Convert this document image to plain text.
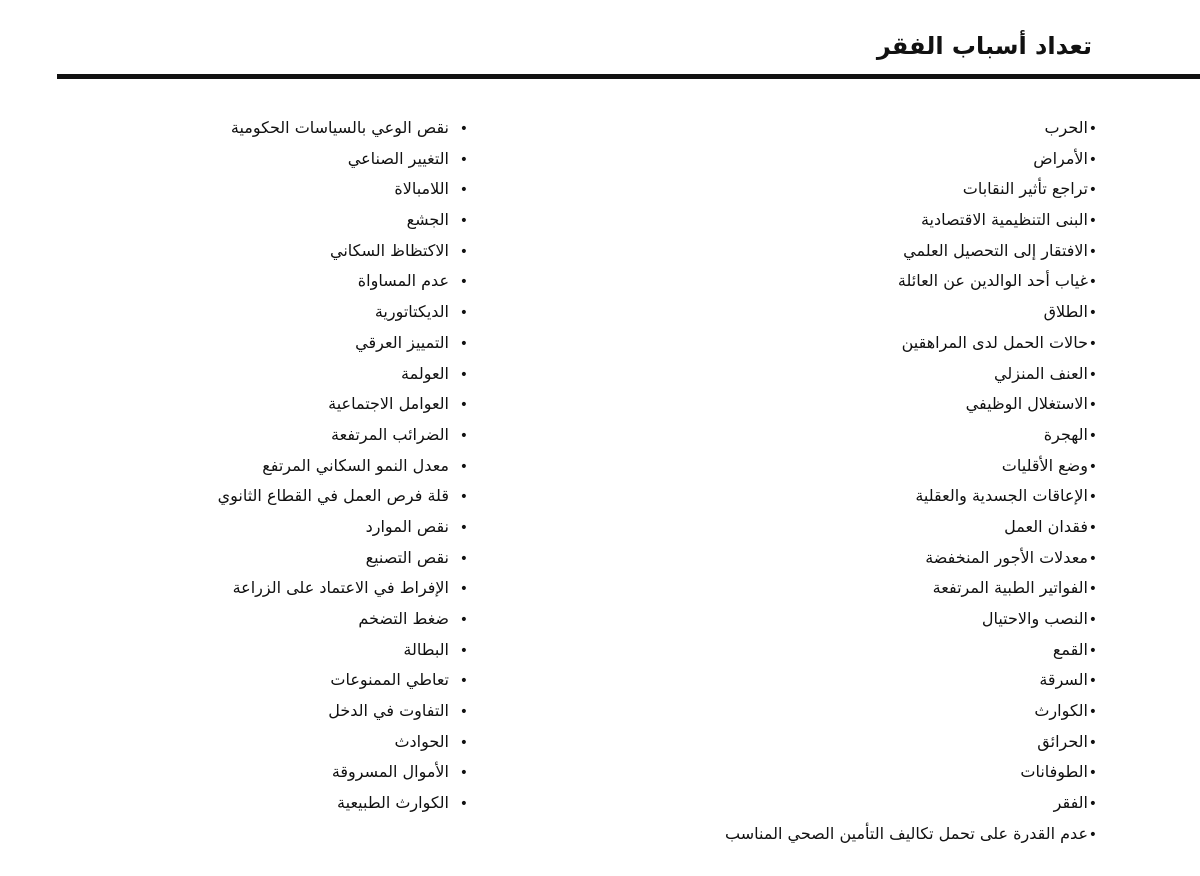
تعداد أسباب الفقر
• الحرب
• الأمراض
• تراجع تأثير النقابات
• البنى التنظيمية الاقتصادية
• الافتقار إلى التحصيل العلمي
• غياب أحد الوالدين عن العائلة
• الطلاق
• حالات الحمل لدى المراهقين
• العنف المنزلي
• الاستغلال الوظيفي
• الهجرة
• وضع الأقليات
• الإعاقات الجسدية والعقلية
• فقدان العمل
• معدلات الأجور المنخفضة
• الفواتير الطبية المرتفعة
• النصب والاحتيال
• القمع
• السرقة
• الكوارث
• الحرائق
• الطوفانات
• الفقر
• عدم القدرة على تحمل تكاليف التأمين الصحي المناسب
• نقص الوعي بالسياسات الحكومية
• التغيير الصناعي
• اللامبالاة
• الجشع
• الاكتظاظ السكاني
• عدم المساواة
• الديكتاتورية
• التمييز العرقي
• العولمة
• العوامل الاجتماعية
• الضرائب المرتفعة
• معدل النمو السكاني المرتفع
• قلة فرص العمل في القطاع الثانوي
• نقص الموارد
• نقص التصنيع
• الإفراط في الاعتماد على الزراعة
• ضغط التضخم
• البطالة
• تعاطي الممنوعات
• التفاوت في الدخل
• الحوادث
• الأموال المسروقة
• الكوارث الطبيعية
